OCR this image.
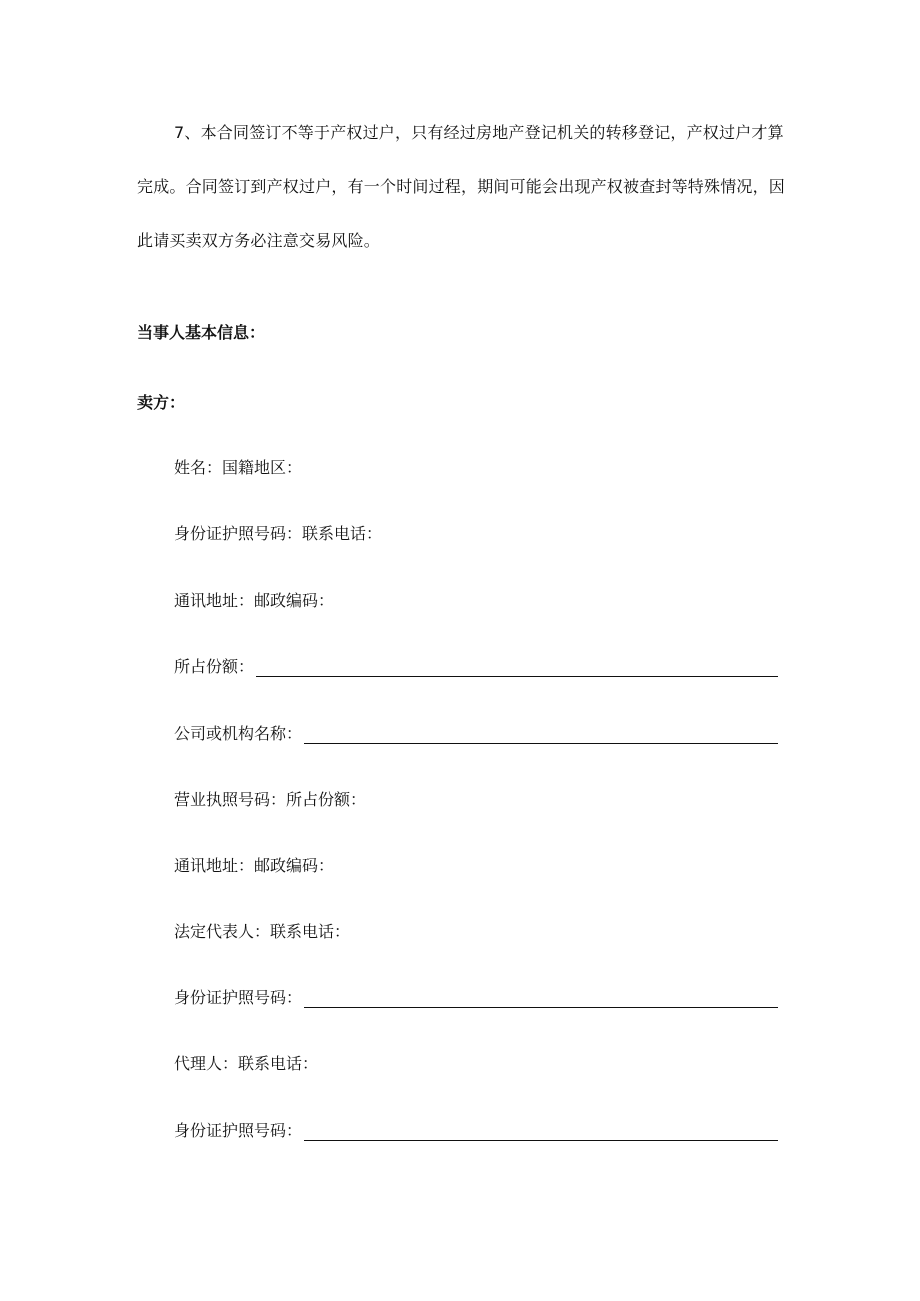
7、本合同签订不等于产权过户，只有经过房地产登记机关的转移登记，产权过户才算完成。合同签订到产权过户，有一个时间过程，期间可能会出现产权被查封等特殊情况，因此请买卖双方务必注意交易风险。
当事人基本信息：
卖方：
姓名：国籍地区：
身份证护照号码：联系电话：
通讯地址：邮政编码：
所占份额：
公司或机构名称：
营业执照号码：所占份额：
通讯地址：邮政编码：
法定代表人：联系电话：
身份证护照号码：
代理人：联系电话：
身份证护照号码：
